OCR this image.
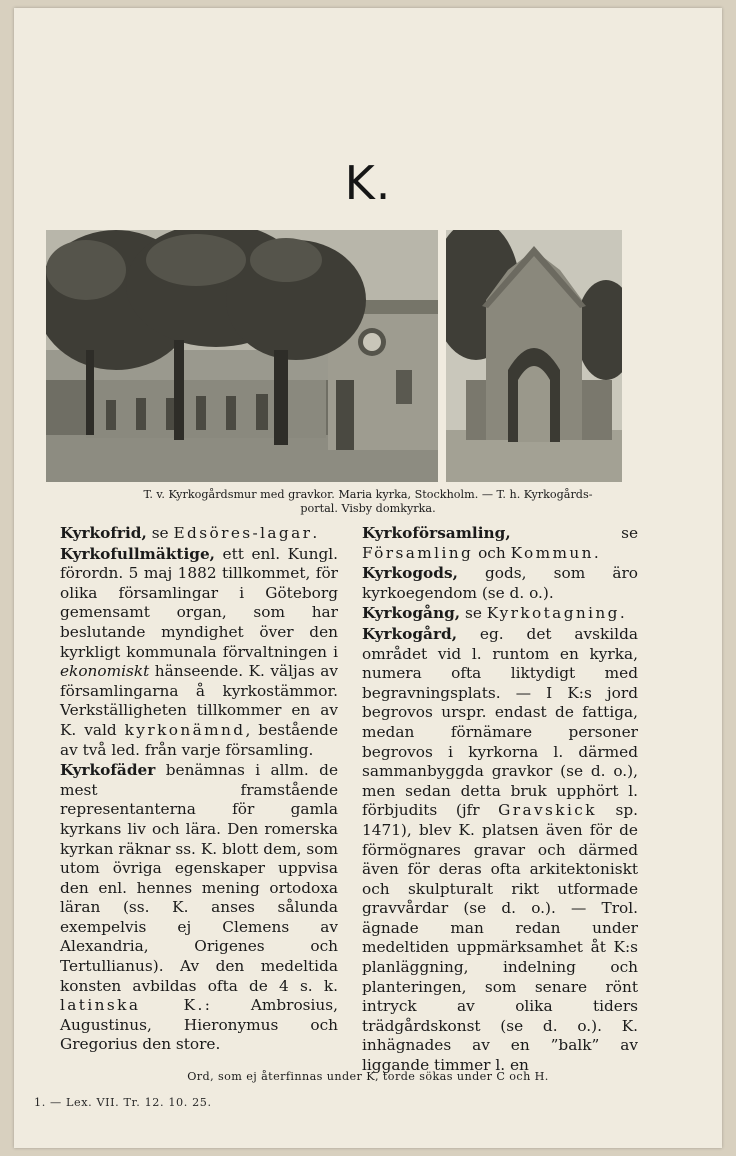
K.
T. v. Kyrkogårdsmur med gravkor. Maria kyrka, Stockholm. — T. h. Kyrkogårds-
portal. Visby domkyrka.

Kyrkofrid, se Edsöres-lagar.

Kyrkofullmäktige, ett enl. Kungl. förordn. 5 maj 1882 tillkommet, för olika församlingar i Göteborg gemensamt organ, som har beslutande myndighet över den kyrkligt kommunala förvaltningen i ekonomiskt hänseende. K. väljas av församlingarna å kyrkostämmor. Verkställigheten tillkommer en av K. vald kyrkonämnd, bestående av två led. från varje församling.

Kyrkofäder benämnas i allm. de mest framstående representanterna för gamla kyrkans liv och lära. Den romerska kyrkan räknar ss. K. blott dem, som utom övriga egenskaper uppvisa den enl. hennes mening ortodoxa läran (ss. K. anses sålunda exempelvis ej Clemens av Alexandria, Origenes och Tertullianus). Av den medeltida konsten avbildas ofta de 4 s. k. latinska K.: Ambrosius, Augustinus, Hieronymus och Gregorius den store.

Kyrkoförsamling, se Församling och Kommun.

Kyrkogods, gods, som äro kyrkoegendom (se d. o.).

Kyrkogång, se Kyrkotagning.

Kyrkogård, eg. det avskilda området vid l. runtom en kyrka, numera ofta liktydigt med begravningsplats. — I K:s jord begrovos urspr. endast de fattiga, medan förnämare personer begrovos i kyrkorna l. därmed sammanbyggda gravkor (se d. o.), men sedan detta bruk upphört l. förbjudits (jfr Gravskick sp. 1471), blev K. platsen även för de förmögnares gravar och därmed även för deras ofta arkitektoniskt och skulpturalt rikt utformade gravvårdar (se d. o.). — Trol. ägnade man redan under medeltiden uppmärksamhet åt K:s planläggning, indelning och planteringen, som senare rönt intryck av olika tiders trädgårdskonst (se d. o.). K. inhägnades av en ”balk” av liggande timmer l. en

Ord, som ej återfinnas under K, torde sökas under C och H.
1. — Lex. VII. Tr. 12. 10. 25.
